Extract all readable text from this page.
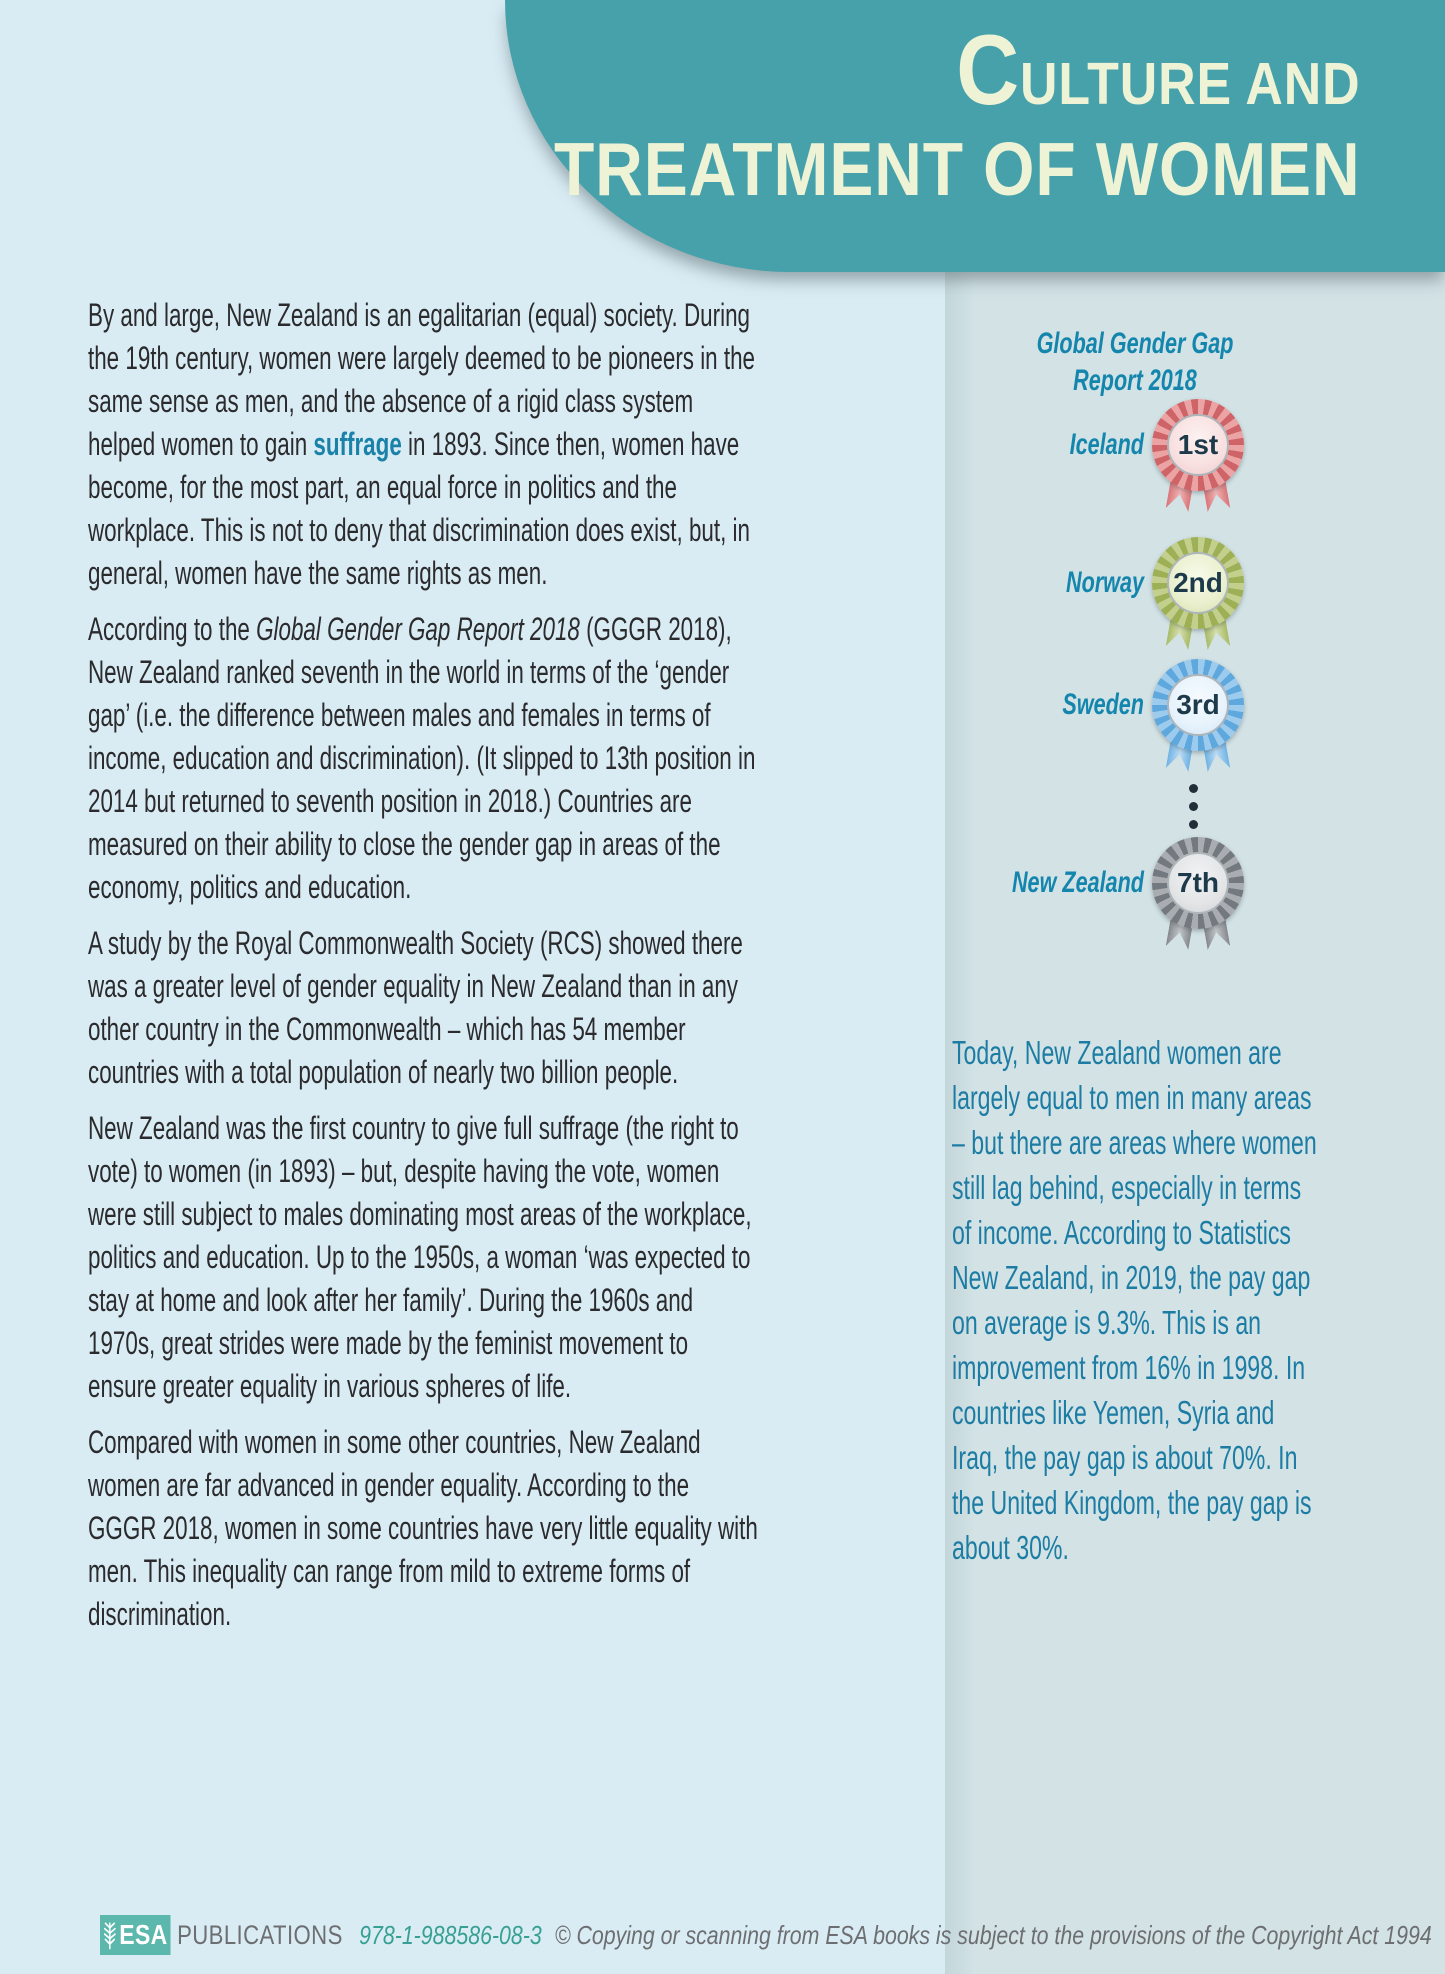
CULTURE AND
TREATMENT OF WOMEN

By and large, New Zealand is an egalitarian (equal) society. During the 19th century, women were largely deemed to be pioneers in the same sense as men, and the absence of a rigid class system helped women to gain suffrage in 1893. Since then, women have become, for the most part, an equal force in politics and the workplace. This is not to deny that discrimination does exist, but, in general, women have the same rights as men.

According to the Global Gender Gap Report 2018 (GGGR 2018), New Zealand ranked seventh in the world in terms of the ‘gender gap’ (i.e. the difference between males and females in terms of income, education and discrimination). (It slipped to 13th position in 2014 but returned to seventh position in 2018.) Countries are measured on their ability to close the gender gap in areas of the economy, politics and education.

A study by the Royal Commonwealth Society (RCS) showed there was a greater level of gender equality in New Zealand than in any other country in the Commonwealth – which has 54 member countries with a total population of nearly two billion people.

New Zealand was the first country to give full suffrage (the right to vote) to women (in 1893) – but, despite having the vote, women were still subject to males dominating most areas of the workplace, politics and education. Up to the 1950s, a woman ‘was expected to stay at home and look after her family’. During the 1960s and 1970s, great strides were made by the feminist movement to ensure greater equality in various spheres of life.

Compared with women in some other countries, New Zealand women are far advanced in gender equality. According to the GGGR 2018, women in some countries have very little equality with men. This inequality can range from mild to extreme forms of discrimination.

Global Gender Gap
Report 2018
Iceland	1st
Norway 2nd
Sweden	3rd
New Zealand	7th
Today, New Zealand women are largely equal to men in many areas – but there are areas where women still lag behind, especially in terms of income. According to Statistics New Zealand, in 2019, the pay gap on average is 9.3%. This is an improvement from 16% in 1998. In countries like Yemen, Syria and Iraq, the pay gap is about 70%. In the United Kingdom, the pay gap is about 30%.
ESA PUBLICATIONS 978-1-988586-08-3 © Copying or scanning from ESA books is subject to the provisions of the Copyright Act 1994
